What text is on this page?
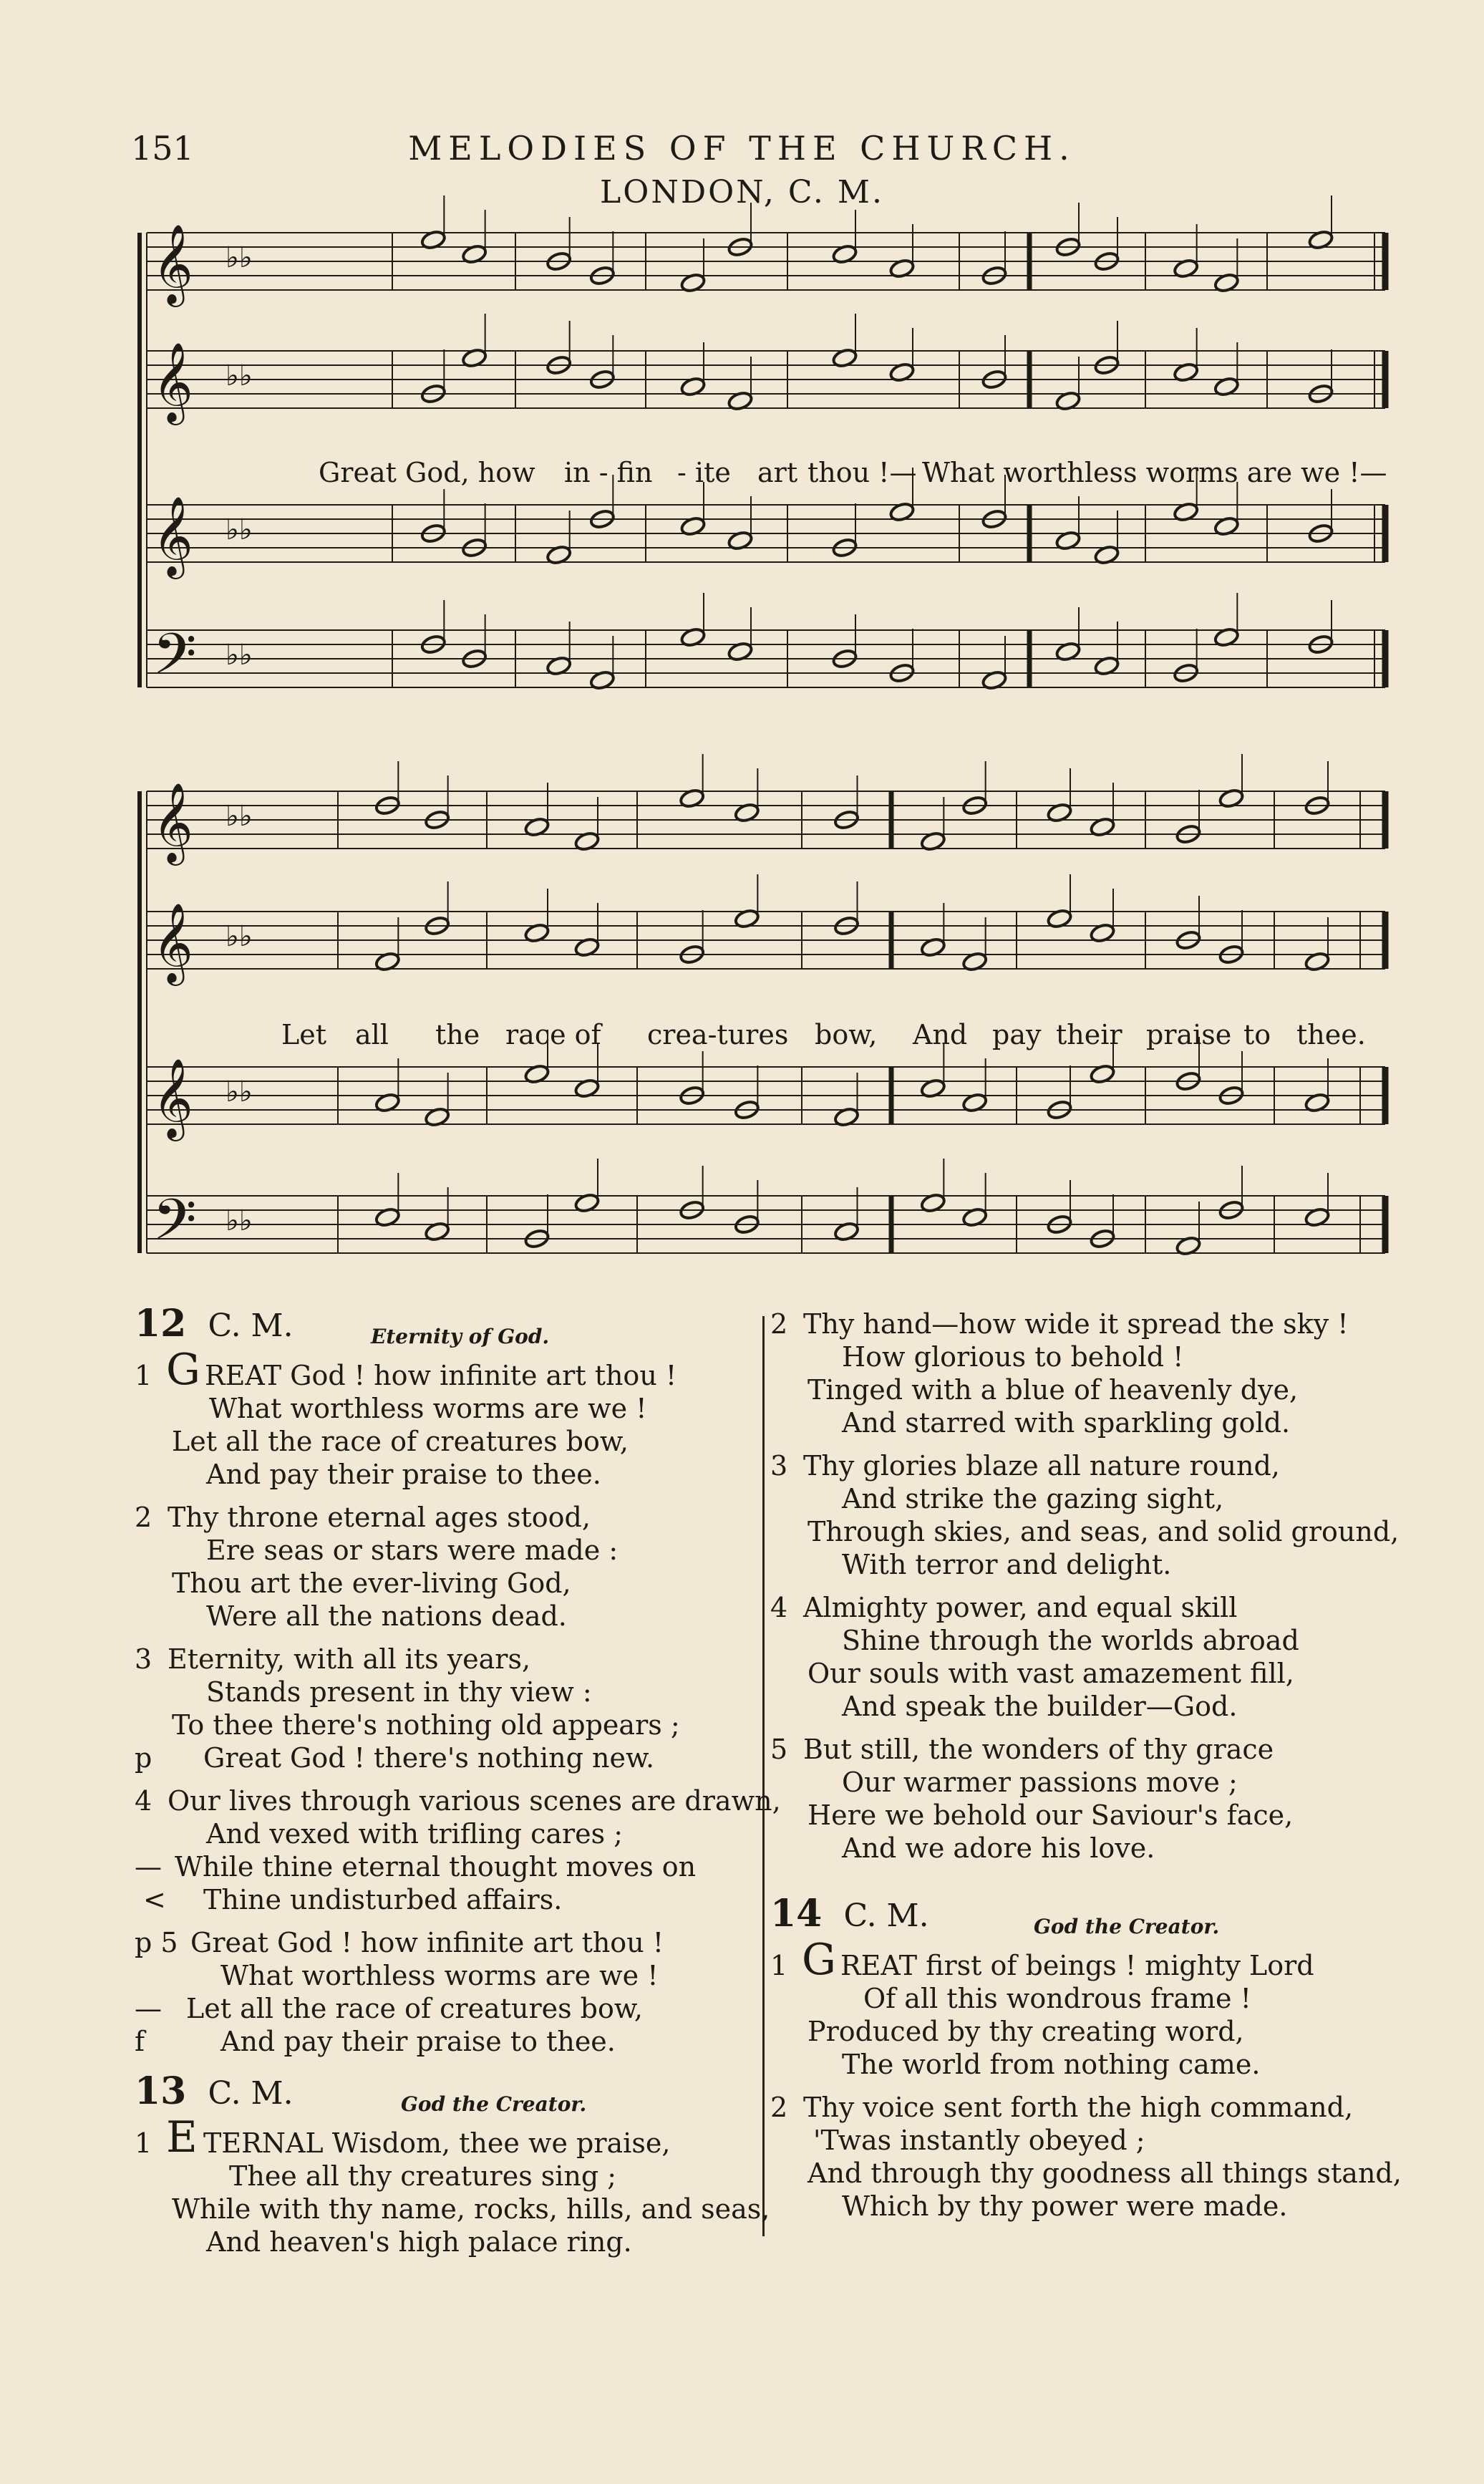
151	MELODIES OF THE CHURCH.
LONDON, C. M.
𝄞 ♭♭
𝄞 ♭♭
𝄞 ♭♭
𝄢 ♭♭
𝄞 ♭♭
𝄞 ♭♭
𝄞 ♭♭
𝄢 ♭♭
Great God, how in - fin - ite art thou !— What worthless worms are we !—
Let all the race of crea-tures bow, And pay their praise to thee.
12 C. M.	Eternity of God.
1 G REAT God ! how infinite art thou !
What worthless worms are we !
Let all the race of creatures bow,
And pay their praise to thee.
2 Thy throne eternal ages stood,
Ere seas or stars were made :
Thou art the ever-living God,
Were all the nations dead.
3 Eternity, with all its years,
Stands present in thy view :
To thee there's nothing old appears ;
p Great God ! there's nothing new.
4 Our lives through various scenes are drawn,
And vexed with trifling cares ;
— While thine eternal thought moves on
< Thine undisturbed affairs.
p 5 Great God ! how infinite art thou !
What worthless worms are we !
— Let all the race of creatures bow,
f	And pay their praise to thee.
13 C. M.	God the Creator.
1 E TERNAL Wisdom, thee we praise,
Thee all thy creatures sing ;
While with thy name, rocks, hills, and seas,
And heaven's high palace ring.
2 Thy hand—how wide it spread the sky !
How glorious to behold !
Tinged with a blue of heavenly dye,
And starred with sparkling gold.
3 Thy glories blaze all nature round,
And strike the gazing sight,
Through skies, and seas, and solid ground,
With terror and delight.
4 Almighty power, and equal skill
Shine through the worlds abroad
Our souls with vast amazement fill,
And speak the builder—God.
5 But still, the wonders of thy grace
Our warmer passions move ;
Here we behold our Saviour's face,
And we adore his love.
14 C. M.	God the Creator.
1 G REAT first of beings ! mighty Lord
Of all this wondrous frame !
Produced by thy creating word,
The world from nothing came.
2 Thy voice sent forth the high command,
'Twas instantly obeyed ;
And through thy goodness all things stand,
Which by thy power were made.
